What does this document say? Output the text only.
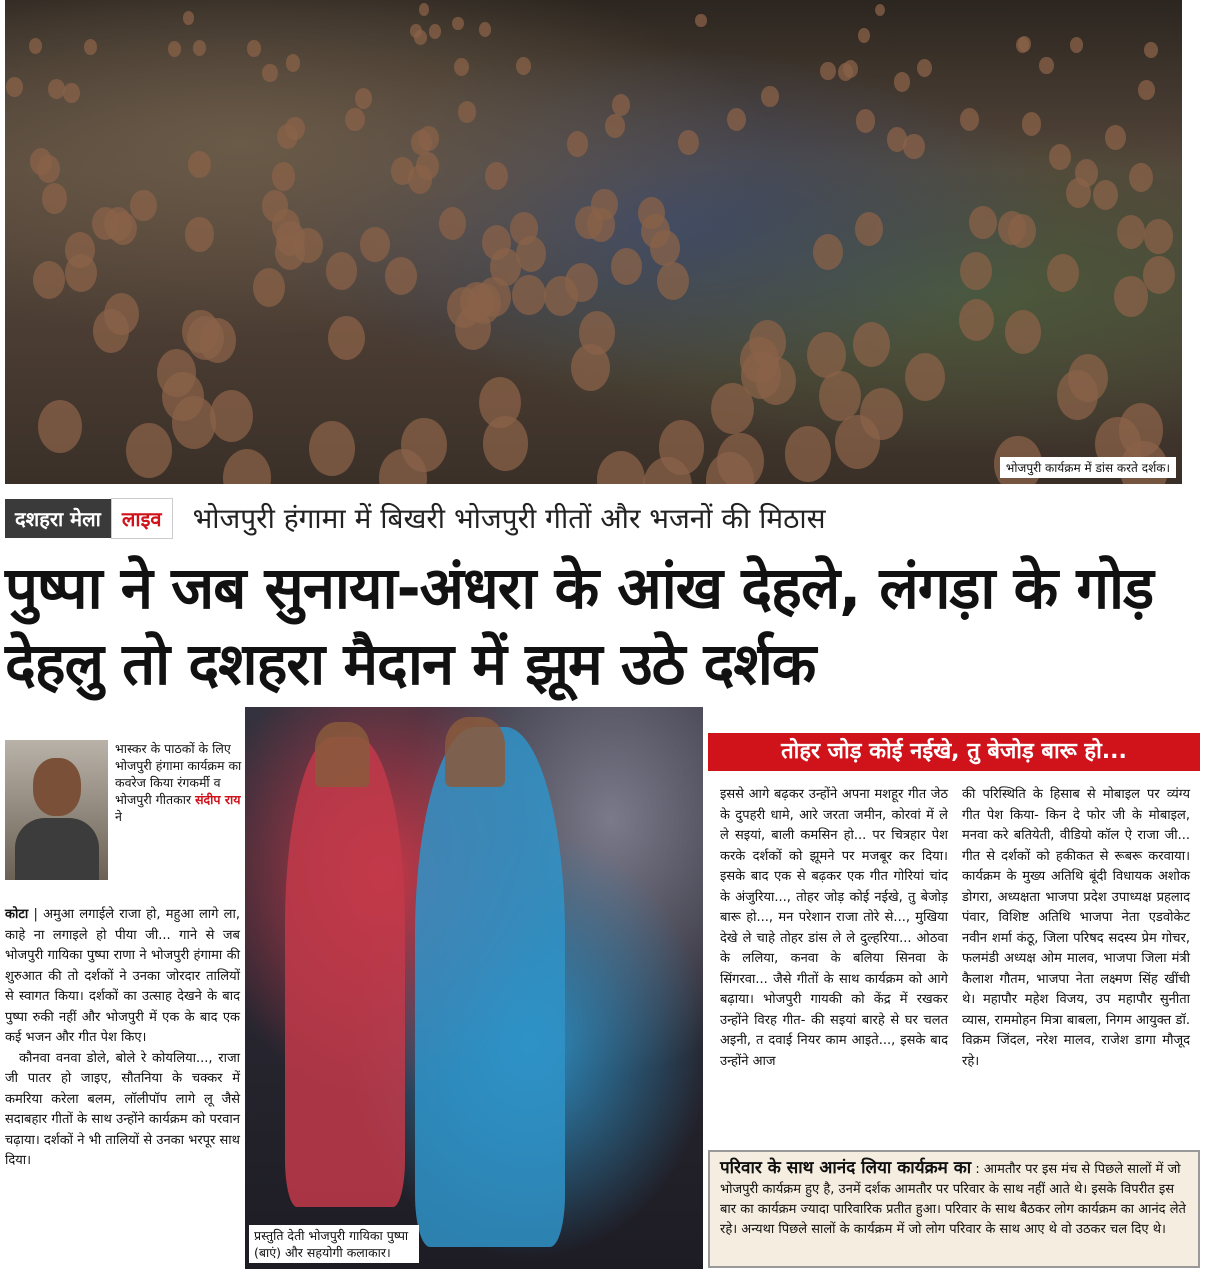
भोजपुरी कार्यक्रम में डांस करते दर्शक।
दशहरा मेला	लाइव	भोजपुरी हंगामा में बिखरी भोजपुरी गीतों और भजनों की मिठास
पुष्पा ने जब सुनाया-अंधरा के आंख देहले, लंगड़ा के गोड़ देहलु तो दशहरा मैदान में झूम उठे दर्शक
भास्कर के पाठकों के लिए भोजपुरी हंगामा कार्यक्रम का कवरेज किया रंगकर्मी व भोजपुरी गीतकार संदीप राय ने

कोटा | अमुआ लगाईले राजा हो, महुआ लागे ला, काहे ना लगाइले हो पीया जी... गाने से जब भोजपुरी गायिका पुष्पा राणा ने भोजपुरी हंगामा की शुरुआत की तो दर्शकों ने उनका जोरदार तालियों से स्वागत किया। दर्शकों का उत्साह देखने के बाद पुष्पा रुकी नहीं और भोजपुरी में एक के बाद एक कई भजन और गीत पेश किए।

कौनवा वनवा डोले, बोले रे कोयलिया..., राजा जी पातर हो जाइए, सौतनिया के चक्कर में कमरिया करेला बलम, लॉलीपॉप लागे लू जैसे सदाबहार गीतों के साथ उन्होंने कार्यक्रम को परवान चढ़ाया। दर्शकों ने भी तालियों से उनका भरपूर साथ दिया।

प्रस्तुति देती भोजपुरी गायिका पुष्पा (बाएं) और सहयोगी कलाकार।
तोहर जोड़ कोई नईखे, तु बेजोड़ बारू हो...
इससे आगे बढ़कर उन्होंने अपना मशहूर गीत जेठ के दुपहरी धामे, आरे जरता जमीन, कोरवां में ले ले सइयां, बाली कमसिन हो... पर चित्रहार पेश करके दर्शकों को झूमने पर मजबूर कर दिया। इसके बाद एक से बढ़कर एक गीत गोरियां चांद के अंजुरिया..., तोहर जोड़ कोई नईखे, तु बेजोड़ बारू हो..., मन परेशान राजा तोरे से..., मुखिया देखे ले चाहे तोहर डांस ले ले दुल्हरिया... ओठवा के ललिया, कनवा के बलिया सिनवा के सिंगरवा... जैसे गीतों के साथ कार्यक्रम को आगे बढ़ाया। भोजपुरी गायकी को केंद्र में रखकर उन्होंने विरह गीत- की सइयां बारहे से घर चलत अइनी, त दवाई नियर काम आइते..., इसके बाद उन्होंने आज
की परिस्थिति के हिसाब से मोबाइल पर व्यंग्य गीत पेश किया- किन दे फोर जी के मोबाइल, मनवा करे बतियेती, वीडियो कॉल ऐ राजा जी... गीत से दर्शकों को हकीकत से रूबरू करवाया। कार्यक्रम के मुख्य अतिथि बूंदी विधायक अशोक डोगरा, अध्यक्षता भाजपा प्रदेश उपाध्यक्ष प्रहलाद पंवार, विशिष्ट अतिथि भाजपा नेता एडवोकेट नवीन शर्मा कंठू, जिला परिषद सदस्य प्रेम गोचर, फलमंडी अध्यक्ष ओम मालव, भाजपा जिला मंत्री कैलाश गौतम, भाजपा नेता लक्ष्मण सिंह खींची थे। महापौर महेश विजय, उप महापौर सुनीता व्यास, राममोहन मित्रा बाबला, निगम आयुक्त डॉ. विक्रम जिंदल, नरेश मालव, राजेश डागा मौजूद रहे।
परिवार के साथ आनंद लिया कार्यक्रम का : आमतौर पर इस मंच से पिछले सालों में जो भोजपुरी कार्यक्रम हुए है, उनमें दर्शक आमतौर पर परिवार के साथ नहीं आते थे। इसके विपरीत इस बार का कार्यक्रम ज्यादा पारिवारिक प्रतीत हुआ। परिवार के साथ बैठकर लोग कार्यक्रम का आनंद लेते रहे। अन्यथा पिछले सालों के कार्यक्रम में जो लोग परिवार के साथ आए थे वो उठकर चल दिए थे।
